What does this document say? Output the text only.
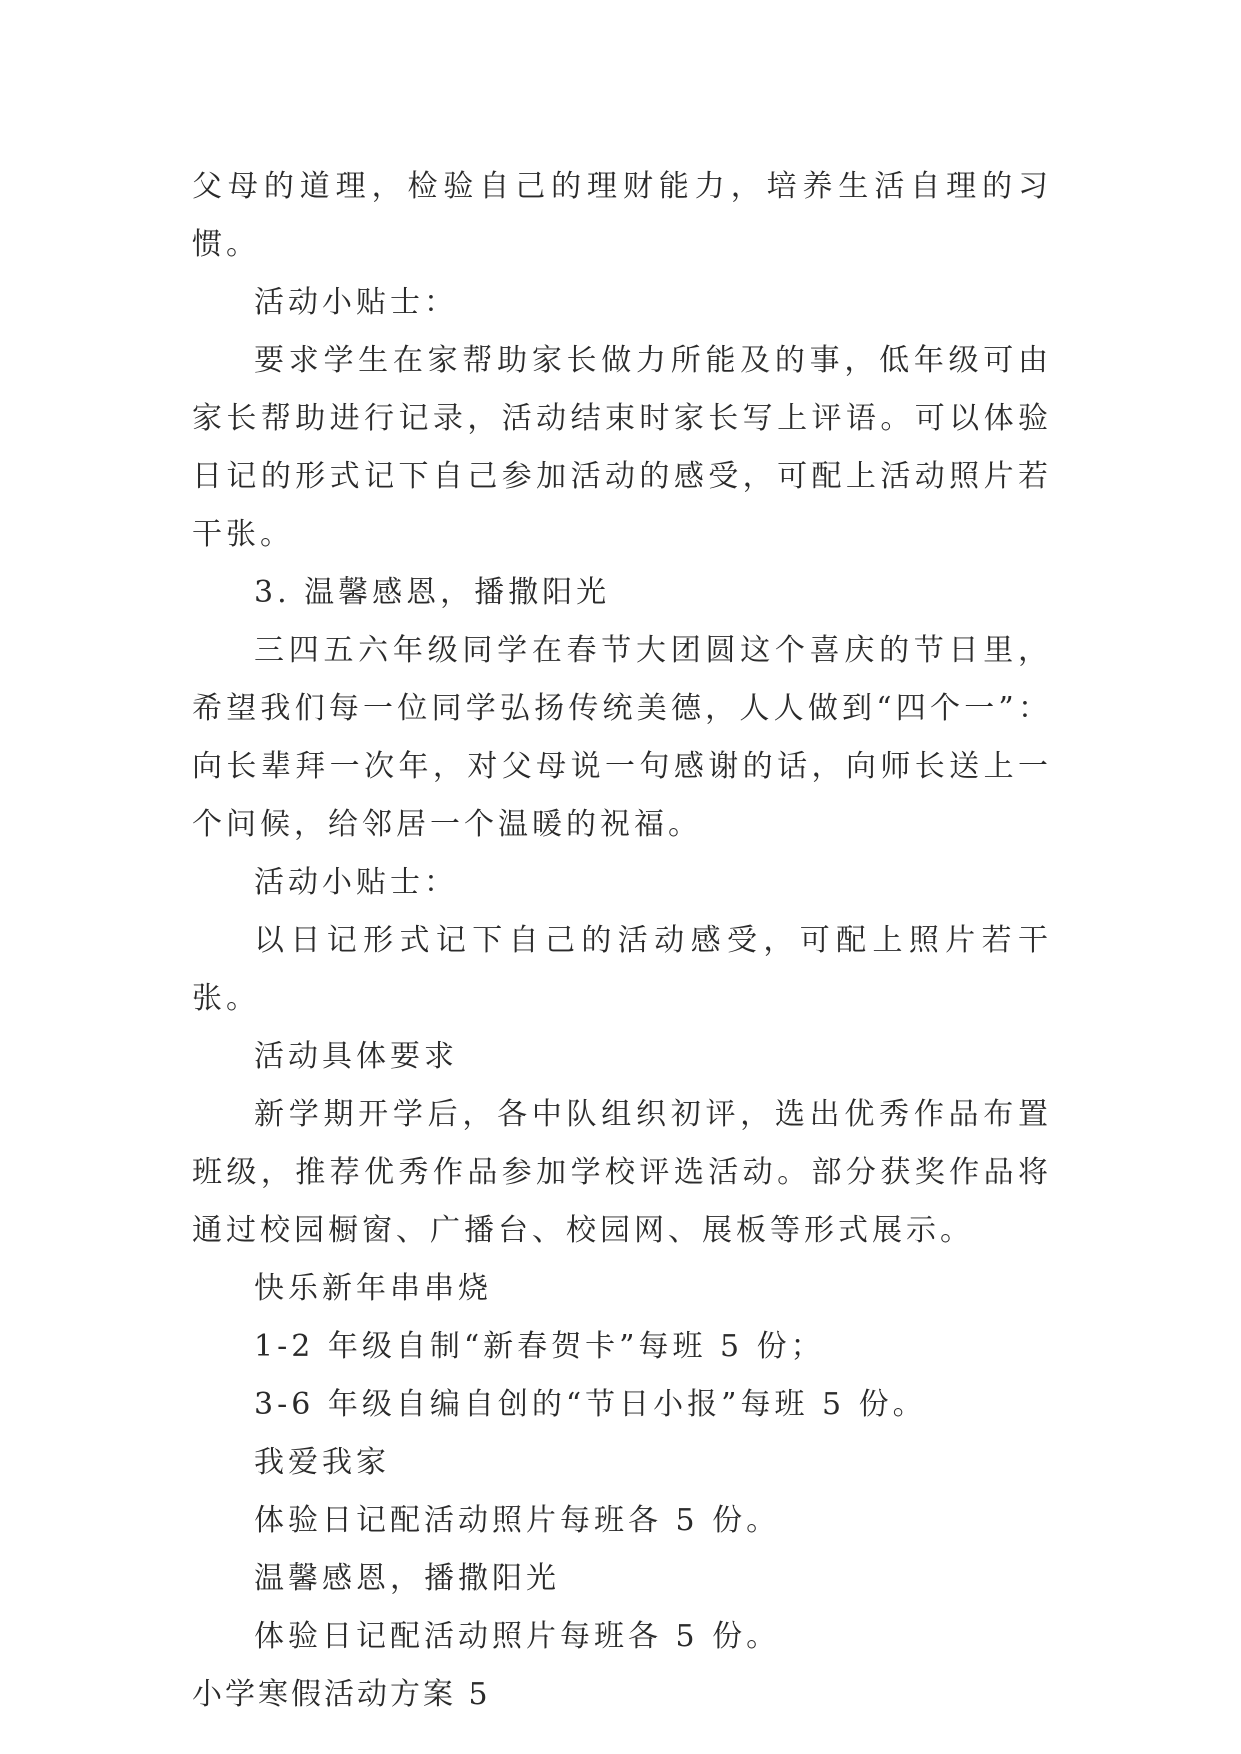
父母的道理，检验自己的理财能力，培养生活自理的习惯。

活动小贴士：

要求学生在家帮助家长做力所能及的事，低年级可由家长帮助进行记录，活动结束时家长写上评语。可以体验日记的形式记下自己参加活动的感受，可配上活动照片若干张。

3. 温馨感恩，播撒阳光

三四五六年级同学在春节大团圆这个喜庆的节日里，希望我们每一位同学弘扬传统美德，人人做到“四个一”：向长辈拜一次年，对父母说一句感谢的话，向师长送上一个问候，给邻居一个温暖的祝福。

活动小贴士：

以日记形式记下自己的活动感受，可配上照片若干张。

活动具体要求

新学期开学后，各中队组织初评，选出优秀作品布置班级，推荐优秀作品参加学校评选活动。部分获奖作品将通过校园橱窗、广播台、校园网、展板等形式展示。

快乐新年串串烧

1-2 年级自制“新春贺卡”每班 5 份；

3-6 年级自编自创的“节日小报”每班 5 份。

我爱我家

体验日记配活动照片每班各 5 份。

温馨感恩，播撒阳光

体验日记配活动照片每班各 5 份。

小学寒假活动方案 5
